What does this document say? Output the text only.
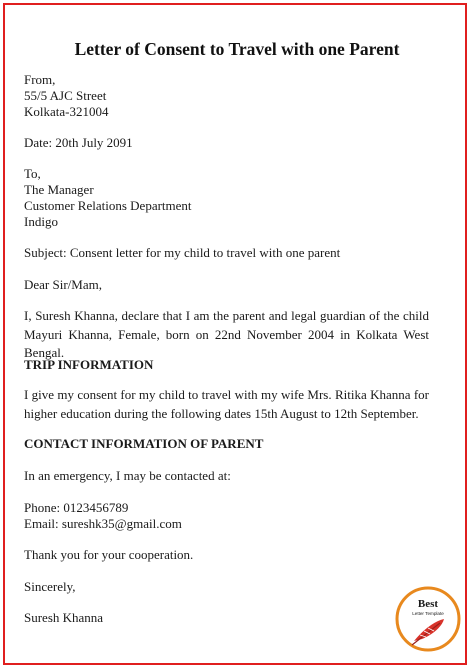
Letter of Consent to Travel with one Parent
From,
55/5 AJC Street
Kolkata-321004
Date: 20th July 2091
To,
The Manager
Customer Relations Department
Indigo
Subject: Consent letter for my child to travel with one parent
Dear Sir/Mam,
I, Suresh Khanna, declare that I am the parent and legal guardian of the child Mayuri Khanna, Female, born on 22nd November 2004 in Kolkata West Bengal.
TRIP INFORMATION
I give my consent for my child to travel with my wife Mrs. Ritika Khanna for higher education during the following dates 15th August to 12th September.
CONTACT INFORMATION OF PARENT
In an emergency, I may be contacted at:
Phone: 0123456789
Email: sureshk35@gmail.com
Thank you for your cooperation.
Sincerely,
Suresh Khanna
Best
Letter Template
